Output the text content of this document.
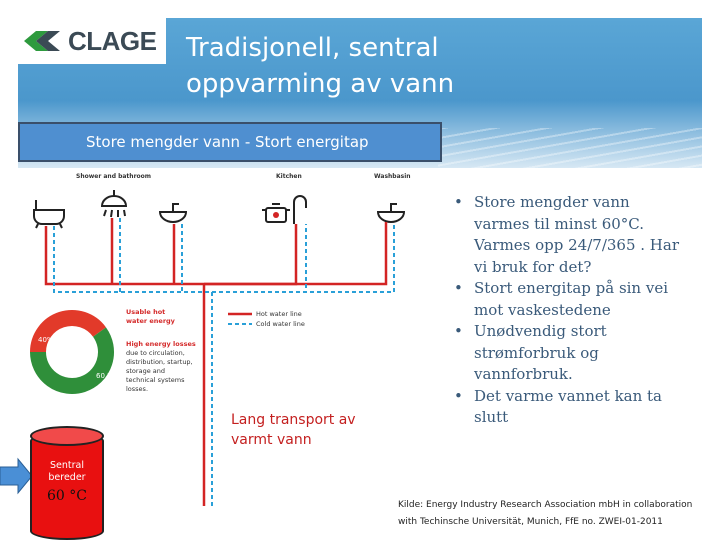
CLAGE Tradisjonell, sentral
oppvarming av vann
Store mengder vann - Stort energitap
Shower and bathroom	Kitchen	Washbasin
Hot water line
Cold water line
40%
60 %
Usable hot
water energy
High energy losses
due to circulation,
distribution, startup,
storage and
technical systems
losses.
Lang transport av
varmt vann
• Store mengder vann varmes til minst 60°C. Varmes opp 24/7/365 . Har vi bruk for det?
• Stort energitap på sin vei mot vaskestedene
• Unødvendig stort strømforbruk og vannforbruk.
• Det varme vannet kan ta slutt
Sentral
bereder
60 °C
Kilde: Energy Industry Research Association mbH in collaboration
with Techinsche Universität, Munich, FfE no. ZWEI-01-2011
